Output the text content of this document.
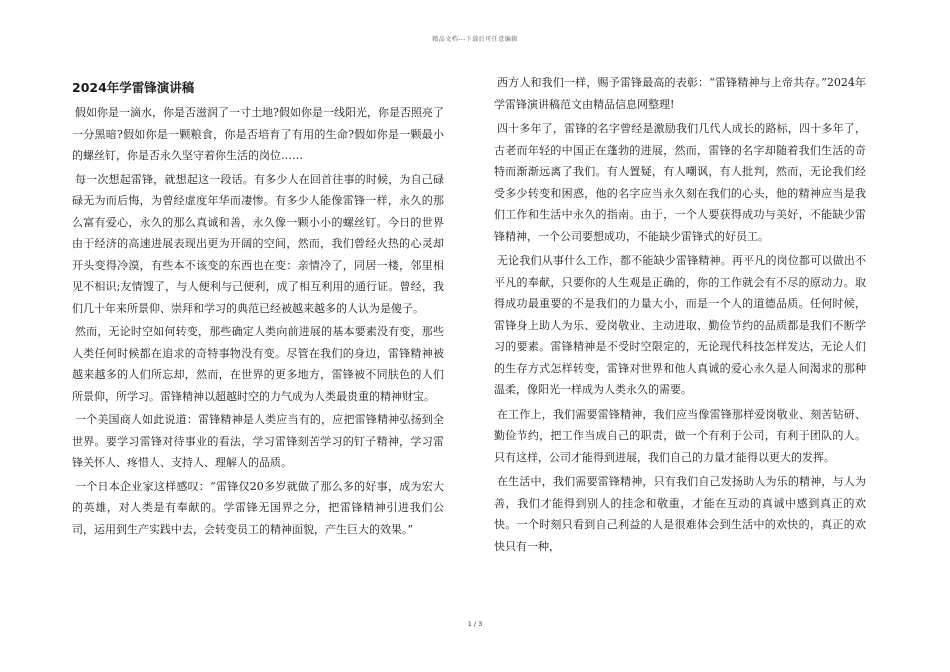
精品文档---下载后可任意编辑
2024年学雷锋演讲稿

假如你是一滴水，你是否滋润了一寸土地?假如你是一线阳光，你是否照亮了一分黑暗?假如你是一颗粮食，你是否培育了有用的生命?假如你是一颗最小的螺丝钉，你是否永久坚守着你生活的岗位……

每一次想起雷锋，就想起这一段话。有多少人在回首往事的时候，为自己碌碌无为而后悔，为曾经虚度年华而凄惨。有多少人能像雷锋一样，永久的那么富有爱心，永久的那么真诚和善，永久像一颗小小的螺丝钉。今日的世界由于经济的高速进展表现出更为开阔的空间，然而，我们曾经火热的心灵却开头变得冷漠，有些本不该变的东西也在变：亲情冷了，同居一楼，邻里相见不相识;友情馊了，与人便利与己便利，成了相互利用的通行证。曾经，我们几十年来所景仰、崇拜和学习的典范已经被越来越多的人认为是傻子。

然而，无论时空如何转变，那些确定人类向前进展的基本要素没有变，那些人类任何时候都在追求的奇特事物没有变。尽管在我们的身边，雷锋精神被越来越多的人们所忘却，然而，在世界的更多地方，雷锋被不同肤色的人们所景仰，所学习。雷锋精神以超越时空的力气成为人类最贵重的精神财宝。

一个美国商人如此说道：雷锋精神是人类应当有的，应把雷锋精神弘扬到全世界。要学习雷锋对待事业的看法，学习雷锋刻苦学习的钉子精神，学习雷锋关怀人、疼惜人、支持人、理解人的品质。

一个日本企业家这样感叹：“雷锋仅20多岁就做了那么多的好事，成为宏大的英雄，对人类是有奉献的。学雷锋无国界之分，把雷锋精神引进我们公司，运用到生产实践中去，会转变员工的精神面貌，产生巨大的效果。”

西方人和我们一样，赐予雷锋最高的表彰：“雷锋精神与上帝共存。”2024年学雷锋演讲稿范文由精品信息网整理!

四十多年了，雷锋的名字曾经是激励我们几代人成长的路标，四十多年了，古老而年轻的中国正在蓬勃的进展，然而，雷锋的名字却随着我们生活的奇特而渐渐远离了我们。有人置疑，有人嘲讽，有人批判，然而，无论我们经受多少转变和困惑，他的名字应当永久刻在我们的心头，他的精神应当是我们工作和生活中永久的指南。由于，一个人要获得成功与美好，不能缺少雷锋精神，一个公司要想成功，不能缺少雷锋式的好员工。

无论我们从事什么工作，都不能缺少雷锋精神。再平凡的岗位都可以做出不平凡的奉献，只要你的人生观是正确的，你的工作就会有不尽的原动力。取得成功最重要的不是我们的力量大小，而是一个人的道德品质。任何时候，雷锋身上助人为乐、爱岗敬业、主动进取、勤俭节约的品质都是我们不断学习的要素。雷锋精神是不受时空限定的，无论现代科技怎样发达，无论人们的生存方式怎样转变，雷锋对世界和他人真诚的爱心永久是人间渴求的那种温柔，像阳光一样成为人类永久的需要。

在工作上，我们需要雷锋精神，我们应当像雷锋那样爱岗敬业、刻苦钻研、勤俭节约，把工作当成自己的职责，做一个有利于公司，有利于团队的人。只有这样，公司才能得到进展，我们自己的力量才能得以更大的发挥。

在生活中，我们需要雷锋精神，只有我们自己发扬助人为乐的精神，与人为善，我们才能得到别人的挂念和敬重，才能在互动的真诚中感到真正的欢快。一个时刻只看到自己利益的人是很难体会到生活中的欢快的，真正的欢快只有一种，

1 / 3
